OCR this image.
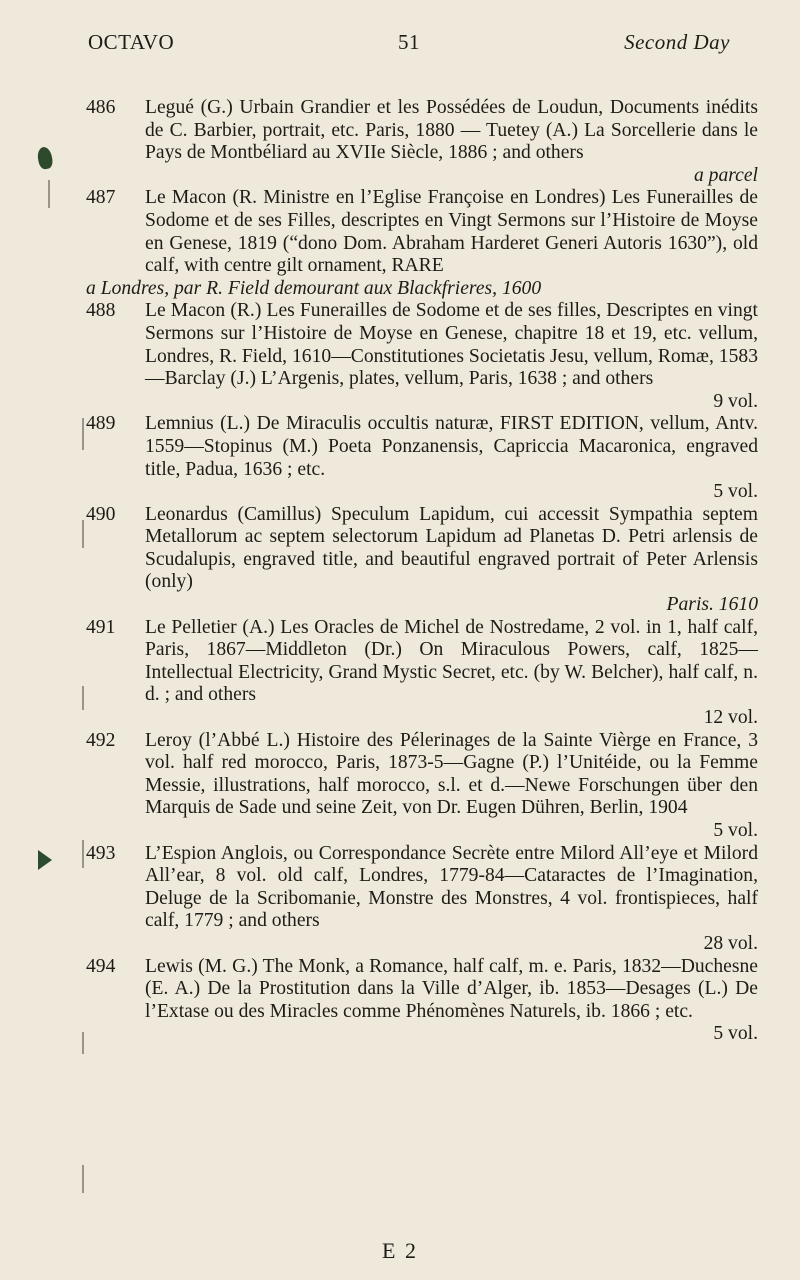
OCTAVO	51	Second Day
486 Legué (G.) Urbain Grandier et les Possédées de Loudun, Documents inédits de C. Barbier, portrait, etc. Paris, 1880 — Tuetey (A.) La Sorcellerie dans le Pays de Montbéliard au XVIIe Siècle, 1886 ; and others
a parcel
487 Le Macon (R. Ministre en l’Eglise Françoise en Londres) Les Funerailles de Sodome et de ses Filles, descriptes en Vingt Sermons sur l’Histoire de Moyse en Genese, 1819 (“dono Dom. Abraham Harderet Generi Autoris 1630”), old calf, with centre gilt ornament, RARE
a Londres, par R. Field demourant aux Blackfrieres, 1600
488 Le Macon (R.) Les Funerailles de Sodome et de ses filles, Descriptes en vingt Sermons sur l’Histoire de Moyse en Genese, chapitre 18 et 19, etc. vellum, Londres, R. Field, 1610—Constitutiones Societatis Jesu, vellum, Romæ, 1583—Barclay (J.) L’Argenis, plates, vellum, Paris, 1638 ; and others
9 vol.
489 Lemnius (L.) De Miraculis occultis naturæ, FIRST EDITION, vellum, Antv. 1559—Stopinus (M.) Poeta Ponzanensis, Capriccia Macaronica, engraved title, Padua, 1636 ; etc.
5 vol.
490 Leonardus (Camillus) Speculum Lapidum, cui accessit Sympathia septem Metallorum ac septem selectorum Lapidum ad Planetas D. Petri arlensis de Scudalupis, engraved title, and beautiful engraved portrait of Peter Arlensis (only)
Paris. 1610
491 Le Pelletier (A.) Les Oracles de Michel de Nostredame, 2 vol. in 1, half calf, Paris, 1867—Middleton (Dr.) On Miraculous Powers, calf, 1825—Intellectual Electricity, Grand Mystic Secret, etc. (by W. Belcher), half calf, n. d. ; and others
12 vol.
492 Leroy (l’Abbé L.) Histoire des Pélerinages de la Sainte Vièrge en France, 3 vol. half red morocco, Paris, 1873-5—Gagne (P.) l’Unitéide, ou la Femme Messie, illustrations, half morocco, s.l. et d.—Newe Forschungen über den Marquis de Sade und seine Zeit, von Dr. Eugen Dühren, Berlin, 1904
5 vol.
493 L’Espion Anglois, ou Correspondance Secrète entre Milord All’eye et Milord All’ear, 8 vol. old calf, Londres, 1779-84—Cataractes de l’Imagination, Deluge de la Scribomanie, Monstre des Monstres, 4 vol. frontispieces, half calf, 1779 ; and others
28 vol.
494 Lewis (M. G.) The Monk, a Romance, half calf, m. e. Paris, 1832—Duchesne (E. A.) De la Prostitution dans la Ville d’Alger, ib. 1853—Desages (L.) De l’Extase ou des Miracles comme Phénomènes Naturels, ib. 1866 ; etc.
5 vol.
E 2
